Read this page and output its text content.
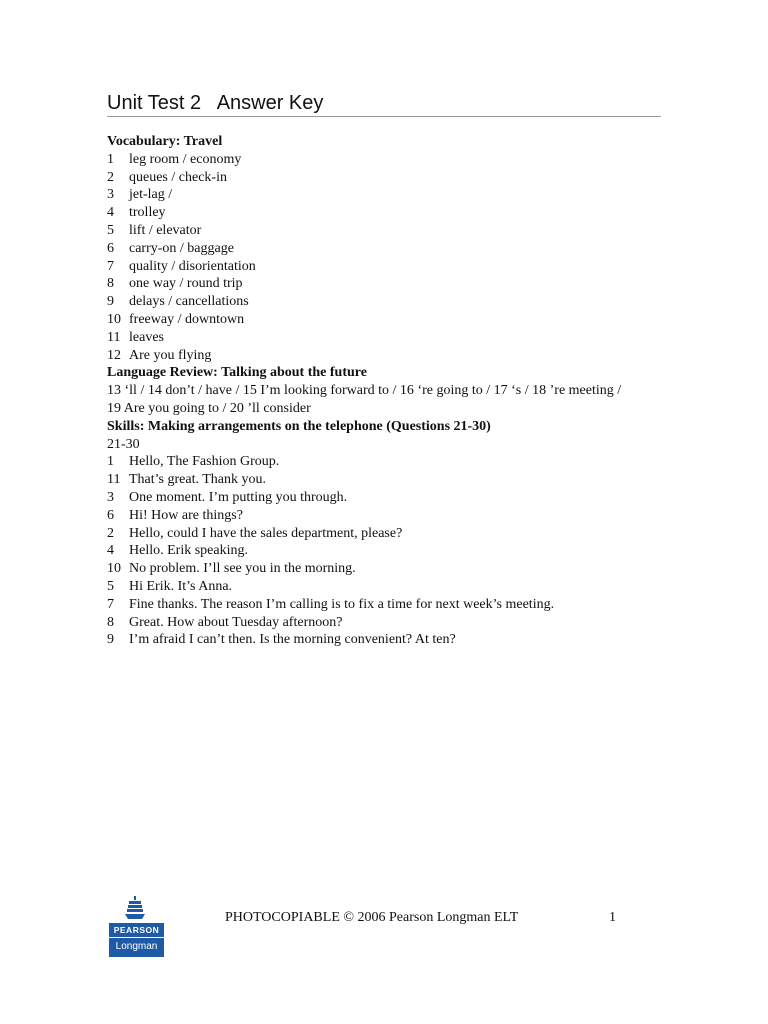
Unit Test 2   Answer Key
Vocabulary: Travel
1	leg room / economy
2	queues / check-in
3	jet-lag /
4	trolley
5	lift / elevator
6	carry-on / baggage
7	quality / disorientation
8	one way / round trip
9	delays / cancellations
10 freeway / downtown
11 leaves
12 Are you flying
Language Review: Talking about the future
13 ‘ll / 14 don’t / have / 15 I’m looking forward to / 16 ‘re going to / 17 ‘s / 18 ’re meeting /
19 Are you going to / 20 ’ll consider
Skills: Making arrangements on the telephone (Questions 21-30)
21-30
1	Hello, The Fashion Group.
11 That’s great. Thank you.
3	One moment. I’m putting you through.
6	Hi! How are things?
2	Hello, could I have the sales department, please?
4	Hello. Erik speaking.
10 No problem. I’ll see you in the morning.
5	Hi Erik. It’s Anna.
7	Fine thanks. The reason I’m calling is to fix a time for next week’s meeting.
8	Great. How about Tuesday afternoon?
9	I’m afraid I can’t then. Is the morning convenient? At ten?
PEARSON
Longman
PHOTOCOPIABLE © 2006 Pearson Longman ELT	1
